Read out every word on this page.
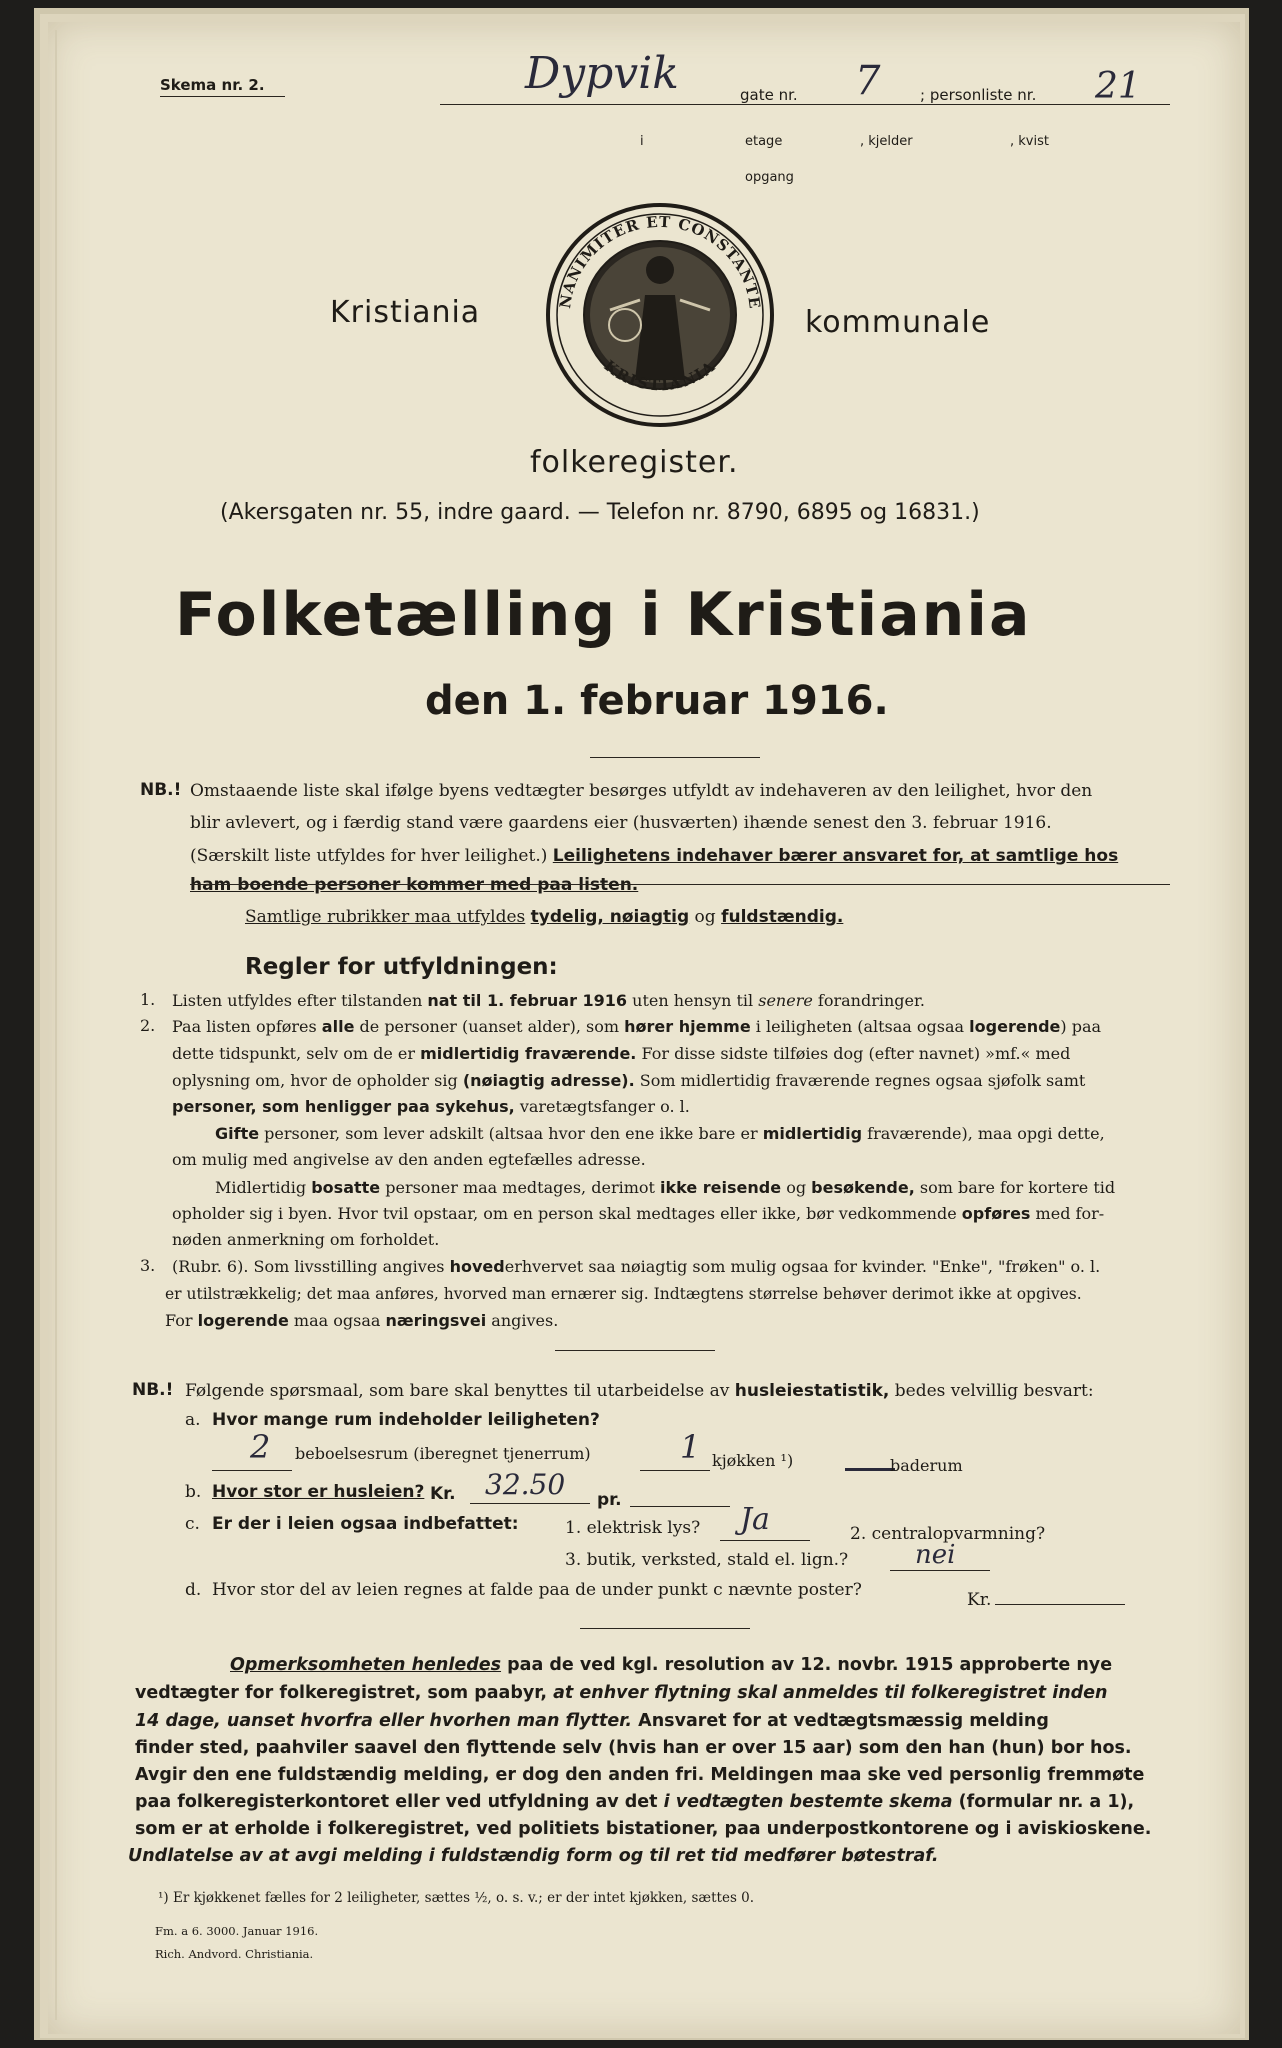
Skema nr. 2.	Dypvik	gate nr. 7	; personliste nr. 21
i	etage	, kjelder	, kvist
opgang
Kristiania	NANIMITER ET CONSTANTE
KRISTIANIA
kommunale
folkeregister.
(Akersgaten nr. 55, indre gaard. — Telefon nr. 8790, 6895 og 16831.)
Folketælling i Kristiania
den 1. februar 1916.
NB.! Omstaaende liste skal ifølge byens vedtægter besørges utfyldt av indehaveren av den leilighet, hvor den
blir avlevert, og i færdig stand være gaardens eier (husværten) ihænde senest den 3. februar 1916.
(Særskilt liste utfyldes for hver leilighet.) Leilighetens indehaver bærer ansvaret for, at samtlige hos
ham boende personer kommer med paa listen.
Samtlige rubrikker maa utfyldes tydelig, nøiagtig og fuldstændig.
Regler for utfyldningen:
1. Listen utfyldes efter tilstanden nat til 1. februar 1916 uten hensyn til senere forandringer.
2. Paa listen opføres alle de personer (uanset alder), som hører hjemme i leiligheten (altsaa ogsaa logerende) paa
dette tidspunkt, selv om de er midlertidig fraværende. For disse sidste tilføies dog (efter navnet) »mf.« med
oplysning om, hvor de opholder sig (nøiagtig adresse). Som midlertidig fraværende regnes ogsaa sjøfolk samt
personer, som henligger paa sykehus, varetægtsfanger o. l.
Gifte personer, som lever adskilt (altsaa hvor den ene ikke bare er midlertidig fraværende), maa opgi dette,
om mulig med angivelse av den anden egtefælles adresse.
Midlertidig bosatte personer maa medtages, derimot ikke reisende og besøkende, som bare for kortere tid
opholder sig i byen. Hvor tvil opstaar, om en person skal medtages eller ikke, bør vedkommende opføres med for-
nøden anmerkning om forholdet.
3. (Rubr. 6). Som livsstilling angives hovederhvervet saa nøiagtig som mulig ogsaa for kvinder. "Enke", "frøken" o. l.
er utilstrækkelig; det maa anføres, hvorved man ernærer sig. Indtægtens størrelse behøver derimot ikke at opgives.
For logerende maa ogsaa næringsvei angives.
NB.! Følgende spørsmaal, som bare skal benyttes til utarbeidelse av husleiestatistik, bedes velvillig besvart:
a. Hvor mange rum indeholder leiligheten?
2 beboelsesrum (iberegnet tjenerrum)	1 kjøkken ¹)	baderum
b. Hvor stor er husleien? Kr. 32.50 pr.
c. Er der i leien ogsaa indbefattet:	1. elektrisk lys? Ja	2. centralopvarmning?
3. butik, verksted, stald el. lign.?	nei
d. Hvor stor del av leien regnes at falde paa de under punkt c nævnte poster?	Kr.
Opmerksomheten henledes paa de ved kgl. resolution av 12. novbr. 1915 approberte nye
vedtægter for folkeregistret, som paabyr, at enhver flytning skal anmeldes til folkeregistret inden
14 dage, uanset hvorfra eller hvorhen man flytter. Ansvaret for at vedtægtsmæssig melding
finder sted, paahviler saavel den flyttende selv (hvis han er over 15 aar) som den han (hun) bor hos.
Avgir den ene fuldstændig melding, er dog den anden fri. Meldingen maa ske ved personlig fremmøte
paa folkeregisterkontoret eller ved utfyldning av det i vedtægten bestemte skema (formular nr. a 1),
som er at erholde i folkeregistret, ved politiets bistationer, paa underpostkontorene og i aviskioskene.
Undlatelse av at avgi melding i fuldstændig form og til ret tid medfører bøtestraf.
¹) Er kjøkkenet fælles for 2 leiligheter, sættes ½, o. s. v.; er der intet kjøkken, sættes 0.
Fm. a 6. 3000. Januar 1916.
Rich. Andvord. Christiania.
